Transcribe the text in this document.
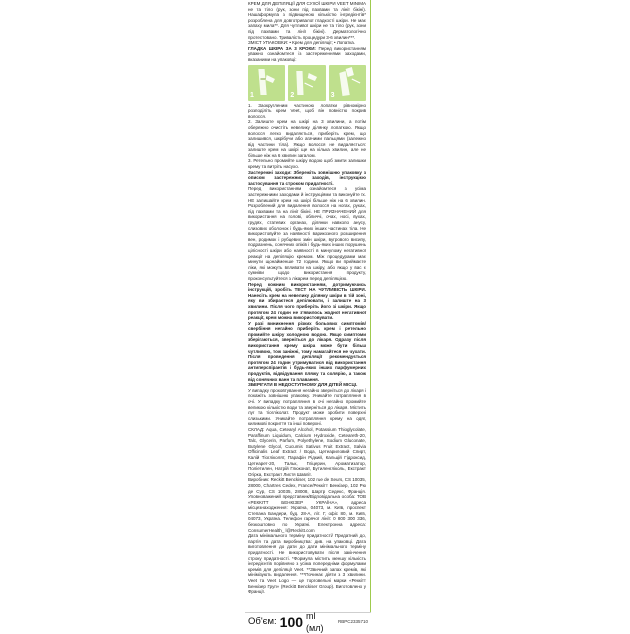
КРЕМ ДЛЯ ДЕПІЛЯЦІЇ ДЛЯ СУХОЇ ШКІРИ VEET MINIMA не та тіло (рук, зони під пахвами та лінії бікіні). Нашаформула з підвищеною кількістю інгредієнтів* розроблена для довготривалої гладкості шкіри. Не має запаху мила**. Для чутливої шкіри не та тіло (рук, зони під пахвами та лінії бікіні). Дерматологічно протестовано. Тривалість процедури 3-6 хвилин***.

ЗМІСТ УПАКОВКИ: • Крем для депіляції; • Лопатка.

ГЛАДКА ШКІРА ЗА 3 КРОКИ: Перед використанням уважно ознайомтеся із застереженнями заходами, вказаними на упаковці:

1	2	3

1. Заокругленим частиною лопатки рівномірно розподіліть крем Veet, щоб він повністю покрив волосся.

2. Залиште крем на шкірі на 3 хвилини, а потім обережно очистіть невелику ділянку лопаткою. Якщо волосся легко видаляється, приберіть крем, що залишився, шкрібучи або агачими пальцями (залежно від частини тіла). Якщо волосся не видаляється: залиште крем на шкірі ще на кілька хвилин, але не більше ніж на 6 хвилин загалом.

3. Ретельно промийте шкіру водою щоб змити залишки крему та витріть насухо.

Застережні заходи: Збережіть зовнішню упаковку з описом застережних заходів, інструкцією застосування та строком придатності.

Перед використанням ознайомтеся з усіма застережними заходами й інструкціями та виконуйте їх. НЕ залишайте крем на шкірі більше ніж на 6 хвилин. Розроблений для видалення волосся на ногах, руках, під пахвами та на лінії бікіні. НЕ ПРИЗНАЧЕНИЙ для використання на голові, обличчі, очах, носі, вухах, грудях, статевих органах, ділянки навколо анусу, слизових оболонок і будь-яких інших частинах тіла. Не використовуйте за наявності варикозного розширення вен, родимок і рубцевих змін шкіри, вугрового висипу, подразнень, сонячних опіків і будь-яких інших порушень цілісності шкіри або наявності в минулому негативної реакції на депіляцію кремом. Між процедурами має минути щонайменше 72 години. Якщо ви приймаєте ліки, які можуть впливати на шкіру, або якщо у вас є сумніви щодо використання продукту, проконсультуйтеся з лікарем перед депіляцією.

Перед кожним використанням, дотримуючись інструкцій, зробіть ТЕСТ НА ЧУТЛИВІСТЬ ШКІРИ. Нанесіть крем на невелику ділянку шкіри в тій зоні, яку ви збираєтеся депілювати, і залиште на 3 хвилини. Після чого приберіть його зі шкіри. Якщо протягом 24 годин не з'явилось жодної негативної реакції, крем можна використовувати.

У разі виникнення різких больових симптомів/свербіння негайно приберіть крем і ретельно промийте шкіру холодною водою. Якщо симптоми зберігаються, зверніться до лікаря. Одразу після використання крему шкіра може бути більш чутливою, тож заніжні, тому намагайтеся не чухати. Після проведення депіляції рекомендується протягом 24 годин утримуватися від використання антиперспірантів і будь-яких інших парфумерних продуктів, відвідування пляжу та солярію, а також від сонячних ванн та плавання.

ЗБЕРІГАТИ В НЕДОСТУПНОМУ ДЛЯ ДІТЕЙ МІСЦІ.

У випадку проковтування негайно зверніться до лікаря і покажіть зовнішню упаковку. Уникайте потрапляння в очі. У випадку потрапляння в очі негайно промийте великою кількістю води та зверніться до лікаря. Містить луг та тіогліколат. Продукт може зробити поверхні слизькими. Уникайте потрапляння крему на одяг, килимові покриття та інші поверхні.

СКЛАД: Aqua, Cetearyl Alcohol, Potassium Thioglycolate, Paraffinum Liquidum, Calcium Hydroxide, Ceteareth-20, Talc, Glycerin, Parfum, Polyethylene, Sodium Gluconate, Butylene Glycol, Cucumis Sativus Fruit Extract, Salvia Officinalis Leaf Extract / Вода, Цетеариловий Спирт, Калій Тіогліколят, Парафін Рідкий, Кальцій Гідроксид, Цетеарет-20, Тальк, Гліцерин, Ароматизатор, Поліетилен, Натрій Глюконат, Бутиленгліколь, Екстракт Огірка, Екстракт Листя Шавлії.

Виробник: Reckitt Benckiser, 102 rue de Seurs, CS 10035, 28000, Chartres Cedex, France/Реккітт Бенкізер, 102 Рю де Сур, CS 10035, 28008, Шартр Седекс, Франція. Уповноважений представник/Відповідальна особа: ТОВ «РЕККІТТ БЕНКІЗЕР УКРАЇНА», адреса місцезнаходження: Україна, 04073, м. Київ, проспект Степана Бандери, буд. 28-А, літ. Г, офіс 80, м. Київ, 04073, Україна. Телефон гарячої лінії: 0 800 300 336, безкоштовно по Україні. Електронна адреса: ConsumerHealth_ l@Reckitt.com

Дата мінімального терміну придатності/ Придатний до, партія та дата виробництва: див. на упаковці. Дата виготовлення до дати до дати мінімального терміну придатності. Не використовувати після закінчення строку придатності. *Формула містить меншу кількість інгредієнтів порівняно з усіма попередніми формулами кремів для депіляції Veet. **Звичний запах кремів, які мінімізують видалення. ***Починає діяти з 3 хвилини. Veet та Veet Logo — це торговельні марки «Реккітт Бенкізер Груп» (Reckitt Benckiser Group). Виготовлено у Франції.

Об'єм: 100 ml (мл)
RBPC2335710
